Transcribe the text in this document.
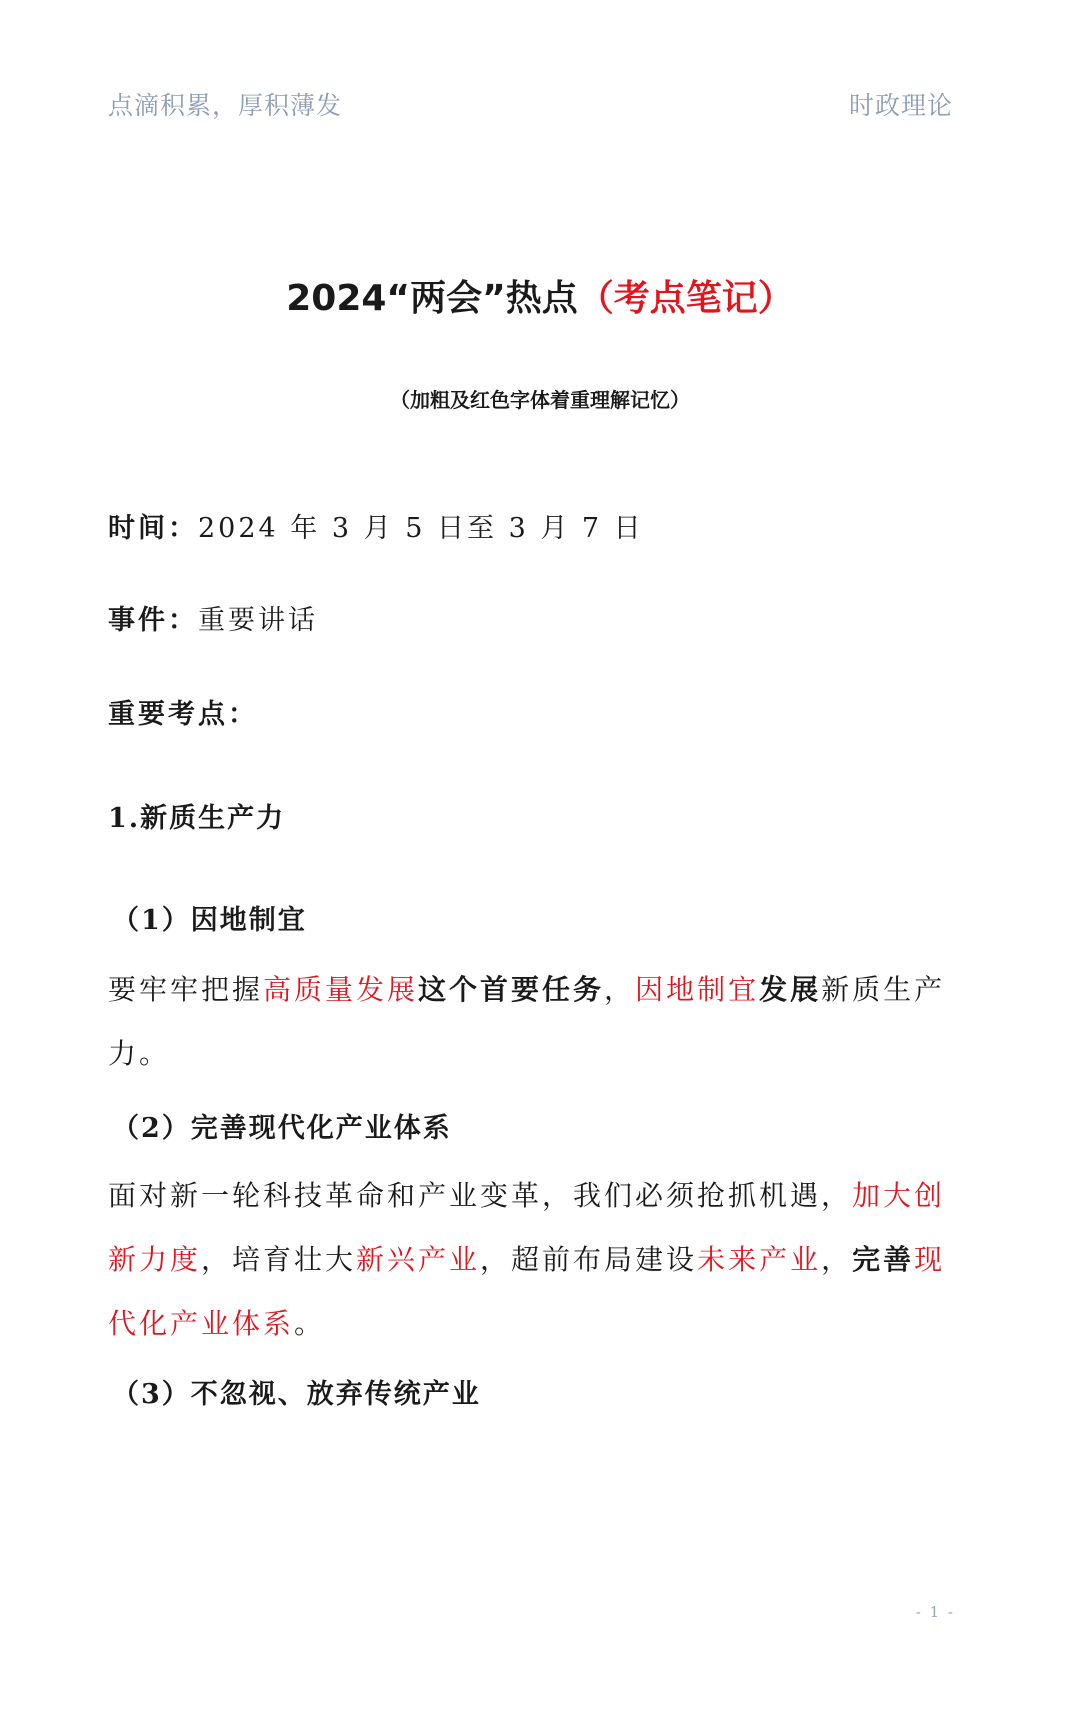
点滴积累，厚积薄发	时政理论
2024“两会”热点（考点笔记）
（加粗及红色字体着重理解记忆）
时间：2024 年 3 月 5 日至 3 月 7 日
事件：重要讲话
重要考点：
1.新质生产力
（1）因地制宜
要牢牢把握高质量发展这个首要任务，因地制宜发展新质生产力。
（2）完善现代化产业体系
面对新一轮科技革命和产业变革，我们必须抢抓机遇，加大创新力度，培育壮大新兴产业，超前布局建设未来产业，完善现代化产业体系。
（3）不忽视、放弃传统产业
- 1 -
